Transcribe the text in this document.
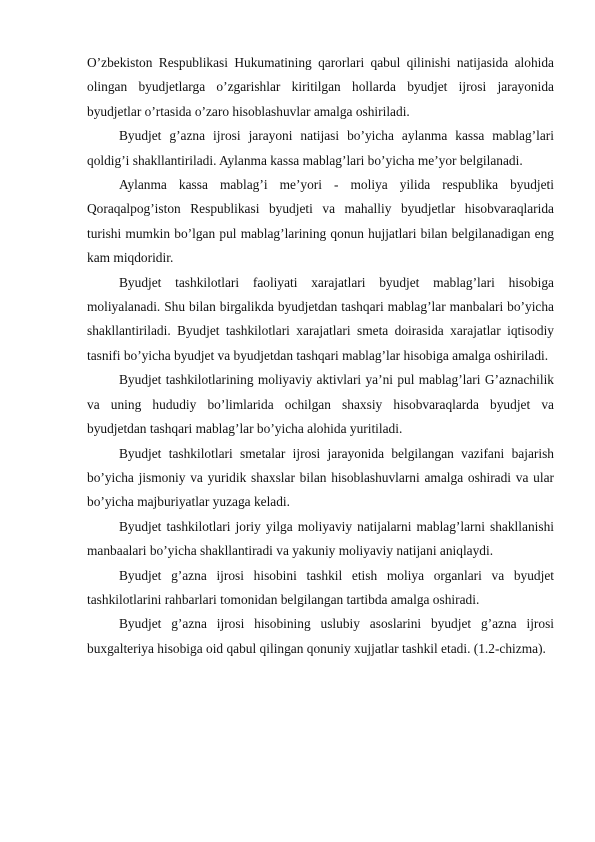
O’zbekiston Respublikasi Hukumatining qarorlari qabul qilinishi natijasida alohida olingan byudjetlarga o’zgarishlar kiritilgan hollarda byudjet ijrosi jarayonida byudjetlar o’rtasida o’zaro hisoblashuvlar amalga oshiriladi.

Byudjet g’azna ijrosi jarayoni natijasi bo’yicha aylanma kassa mablag’lari qoldig’i shakllantiriladi. Aylanma kassa mablag’lari bo’yicha me’yor belgilanadi.

Aylanma kassa mablag’i me’yori - moliya yilida respublika byudjeti Qoraqalpog’iston Respublikasi byudjeti va mahalliy byudjetlar hisobvaraqlarida turishi mumkin bo’lgan pul mablag’larining qonun hujjatlari bilan belgilanadigan eng kam miqdoridir.

Byudjet tashkilotlari faoliyati xarajatlari byudjet mablag’lari hisobiga moliyalanadi. Shu bilan birgalikda byudjetdan tashqari mablag’lar manbalari bo’yicha shakllantiriladi. Byudjet tashkilotlari xarajatlari smeta doirasida xarajatlar iqtisodiy tasnifi bo’yicha byudjet va byudjetdan tashqari mablag’lar hisobiga amalga oshiriladi.

Byudjet tashkilotlarining moliyaviy aktivlari ya’ni pul mablag’lari G’aznachilik va uning hududiy bo’limlarida ochilgan shaxsiy hisobvaraqlarda byudjet va byudjetdan tashqari mablag’lar bo’yicha alohida yuritiladi.

Byudjet tashkilotlari smetalar ijrosi jarayonida belgilangan vazifani bajarish bo’yicha jismoniy va yuridik shaxslar bilan hisoblashuvlarni amalga oshiradi va ular bo’yicha majburiyatlar yuzaga keladi.

Byudjet tashkilotlari joriy yilga moliyaviy natijalarni mablag’larni shakllanishi manbaalari bo’yicha shakllantiradi va yakuniy moliyaviy natijani aniqlaydi.

Byudjet g’azna ijrosi hisobini tashkil etish moliya organlari va byudjet tashkilotlarini rahbarlari tomonidan belgilangan tartibda amalga oshiradi.

Byudjet g’azna ijrosi hisobining uslubiy asoslarini byudjet g’azna ijrosi buxgalteriya hisobiga oid qabul qilingan qonuniy xujjatlar tashkil etadi. (1.2-chizma).
